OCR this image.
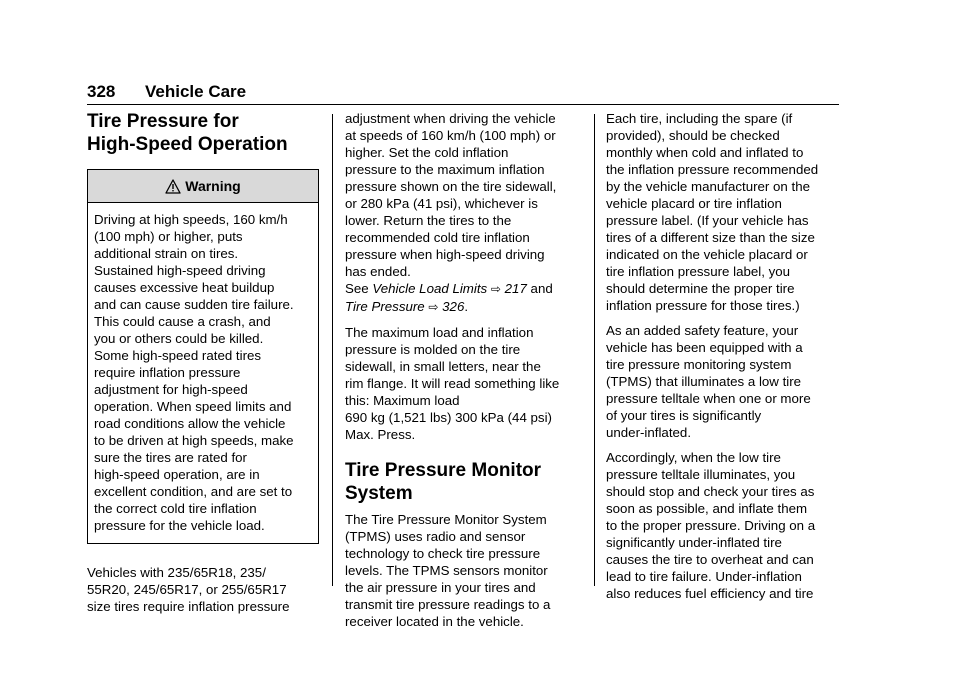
328 Vehicle Care
Tire Pressure for
High-Speed Operation
Warning
Driving at high speeds, 160 km/h
(100 mph) or higher, puts
additional strain on tires.
Sustained high-speed driving
causes excessive heat buildup
and can cause sudden tire failure.
This could cause a crash, and
you or others could be killed.
Some high-speed rated tires
require inflation pressure
adjustment for high-speed
operation. When speed limits and
road conditions allow the vehicle
to be driven at high speeds, make
sure the tires are rated for
high-speed operation, are in
excellent condition, and are set to
the correct cold tire inflation
pressure for the vehicle load.
Vehicles with 235/65R18, 235/
55R20, 245/65R17, or 255/65R17
size tires require inflation pressure
adjustment when driving the vehicle
at speeds of 160 km/h (100 mph) or
higher. Set the cold inflation
pressure to the maximum inflation
pressure shown on the tire sidewall,
or 280 kPa (41 psi), whichever is
lower. Return the tires to the
recommended cold tire inflation
pressure when high-speed driving
has ended.
See Vehicle Load Limits ⇨ 217 and
Tire Pressure ⇨ 326.

The maximum load and inflation
pressure is molded on the tire
sidewall, in small letters, near the
rim flange. It will read something like
this: Maximum load
690 kg (1,521 lbs) 300 kPa (44 psi)
Max. Press.

Tire Pressure Monitor
System

The Tire Pressure Monitor System
(TPMS) uses radio and sensor
technology to check tire pressure
levels. The TPMS sensors monitor
the air pressure in your tires and
transmit tire pressure readings to a
receiver located in the vehicle.

Each tire, including the spare (if
provided), should be checked
monthly when cold and inflated to
the inflation pressure recommended
by the vehicle manufacturer on the
vehicle placard or tire inflation
pressure label. (If your vehicle has
tires of a different size than the size
indicated on the vehicle placard or
tire inflation pressure label, you
should determine the proper tire
inflation pressure for those tires.)

As an added safety feature, your
vehicle has been equipped with a
tire pressure monitoring system
(TPMS) that illuminates a low tire
pressure telltale when one or more
of your tires is significantly
under-inflated.

Accordingly, when the low tire
pressure telltale illuminates, you
should stop and check your tires as
soon as possible, and inflate them
to the proper pressure. Driving on a
significantly under-inflated tire
causes the tire to overheat and can
lead to tire failure. Under-inflation
also reduces fuel efficiency and tire
